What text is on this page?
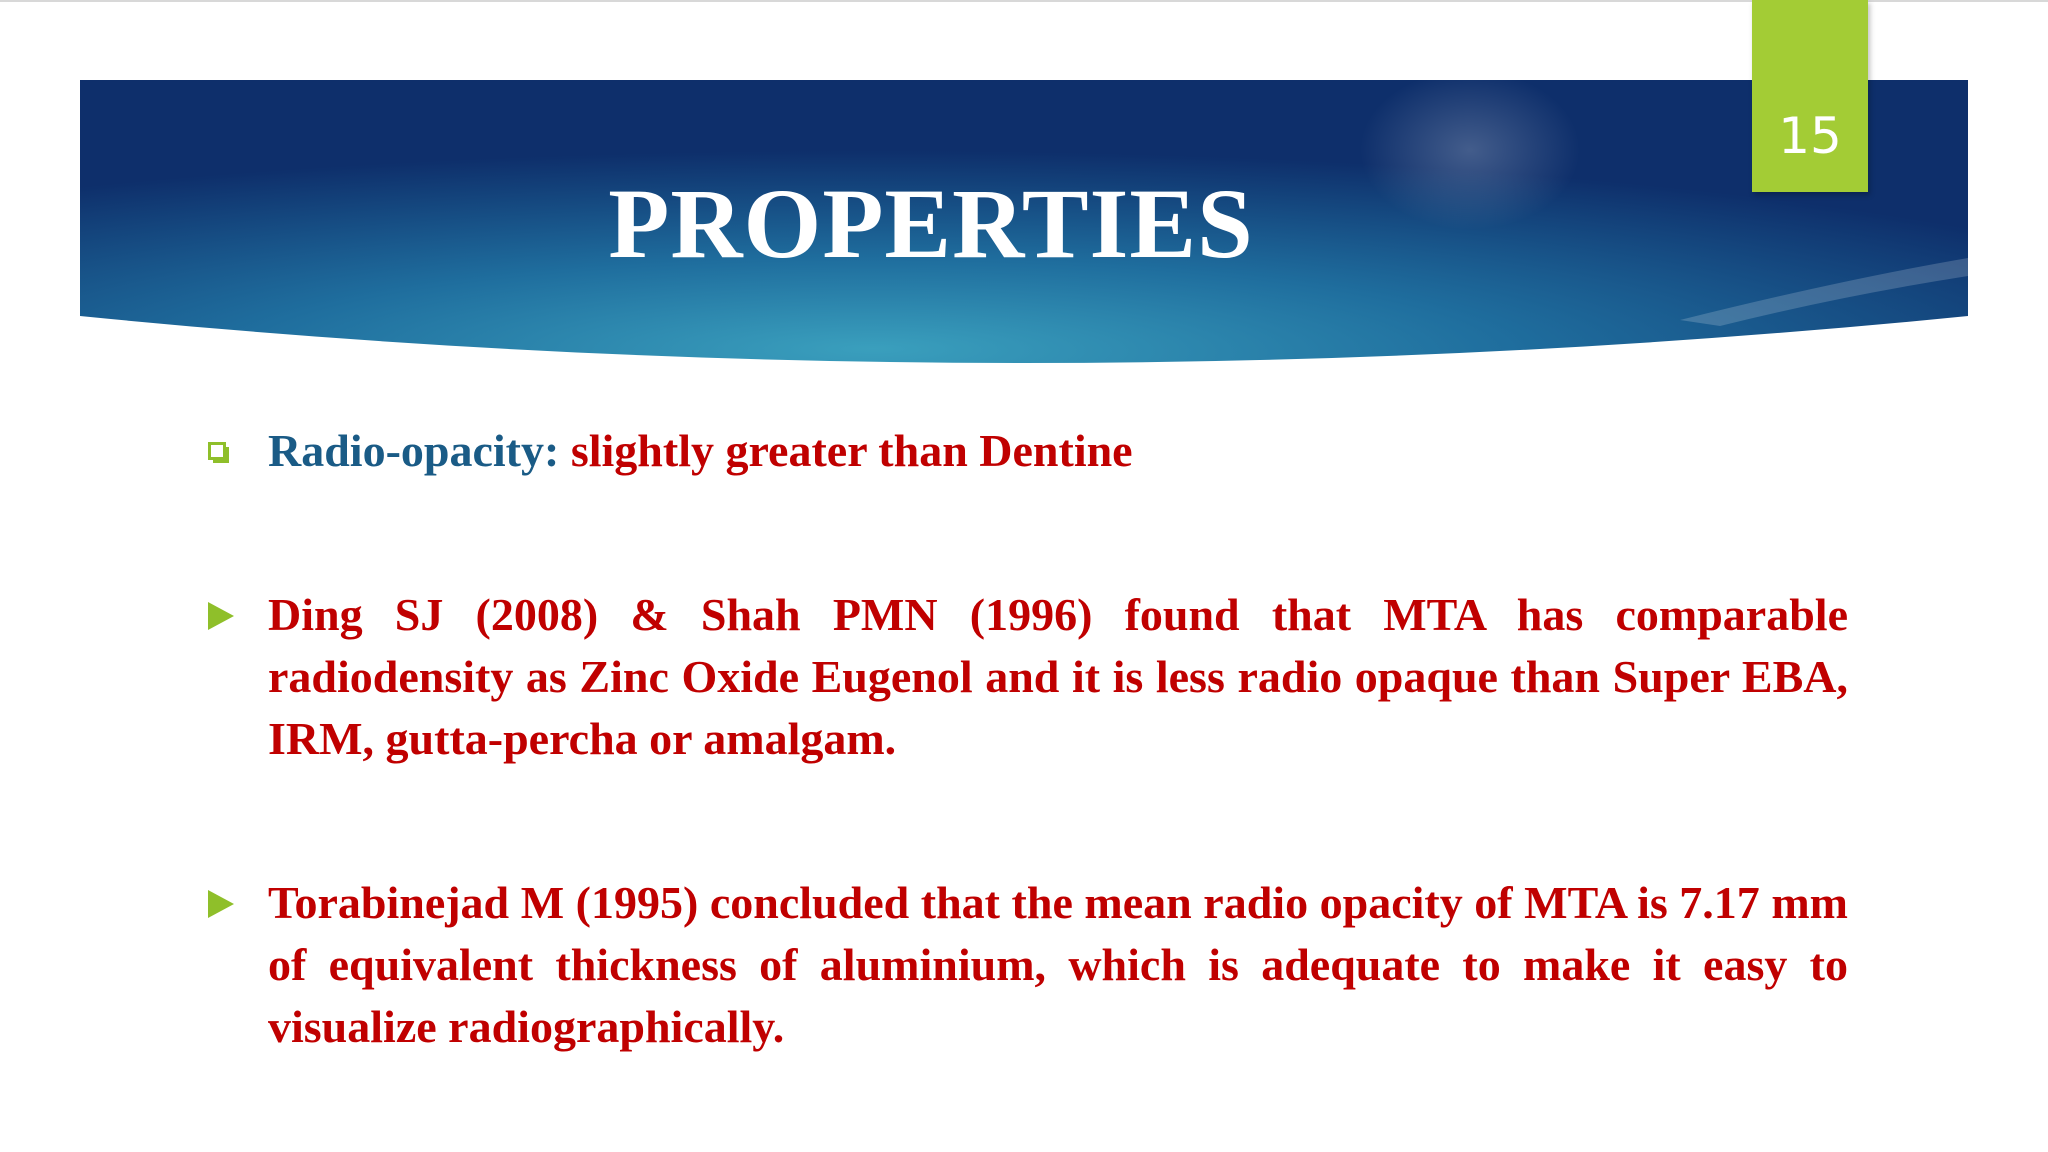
15
PROPERTIES
Radio-opacity: slightly greater than Dentine
Ding SJ (2008) & Shah PMN (1996) found that MTA has comparable radiodensity as Zinc Oxide Eugenol and it is less radio opaque than Super EBA, IRM, gutta-percha or amalgam.
Torabinejad M (1995) concluded that the mean radio opacity of MTA is 7.17 mm of equivalent thickness of aluminium, which is adequate to make it easy to visualize radiographically.
